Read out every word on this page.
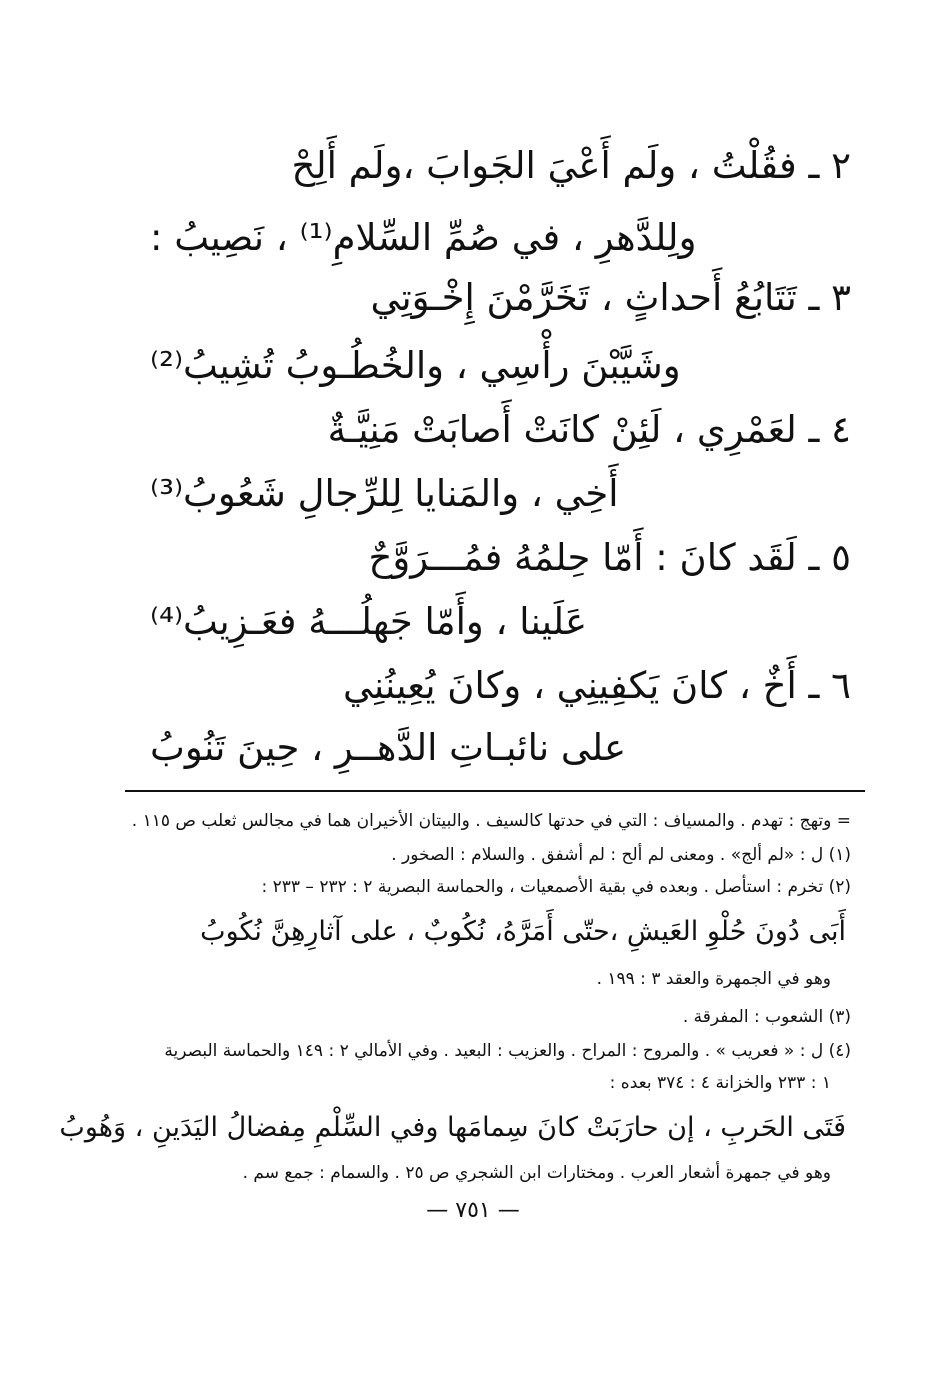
٢ ـ فقُلْتُ ، ولَم أَعْيَ الجَوابَ ،ولَم أَلِحْ
ولِلدَّهرِ ، في صُمِّ السِّلامِ⁽¹⁾ ، نَصِيبُ :
٣ ـ تَتَابُعُ أَحداثٍ ، تَخَرَّمْنَ إِخْـوَتِي
وشَيَّبْنَ رأْسِي ، والخُطُـوبُ تُشِيبُ⁽²⁾
٤ ـ لعَمْرِي ، لَئِنْ كانَتْ أَصابَتْ مَنِيَّـةٌ
أَخِي ، والمَنايا لِلرِّجالِ شَعُوبُ⁽³⁾
٥ ـ لَقَد كانَ : أَمّا حِلمُهُ فمُـــرَوَّحٌ
عَلَينا ، وأَمّا جَهلُـــهُ فعَـزِيبُ⁽⁴⁾
٦ ـ أَخٌ ، كانَ يَكفِينِي ، وكانَ يُعِينُنِي
على نائبـاتِ الدَّهــرِ ، حِينَ تَنُوبُ
= وتهج : تهدم . والمسياف : التي في حدتها كالسيف . والبيتان الأخيران هما في مجالس ثعلب ص ١١٥ .
(١) ل : «لم ألج» . ومعنى لم ألح : لم أشفق . والسلام : الصخور .
(٢) تخرم : استأصل . وبعده في بقية الأصمعيات ، والحماسة البصرية ٢ : ٢٣٢ – ٢٣٣ :
أَبَى دُونَ حُلْوِ العَيشِ ،حتّى أَمَرَّهُ، نُكُوبٌ ، على آثارِهِنَّ نُكُوبُ
وهو في الجمهرة والعقد ٣ : ١٩٩ .
(٣) الشعوب : المفرقة .
(٤) ل : « فعريب » . والمروح : المراح . والعزيب : البعيد . وفي الأمالي ٢ : ١٤٩ والحماسة البصرية
١ : ٢٣٣ والخزانة ٤ : ٣٧٤ بعده :
فَتَى الحَربِ ، إن حارَبَتْ كانَ سِمامَها وفي السِّلْمِ مِفضالُ اليَدَينِ ، وَهُوبُ
وهو في جمهرة أشعار العرب . ومختارات ابن الشجري ص ٢٥ . والسمام : جمع سم .
— ٧٥١ —
